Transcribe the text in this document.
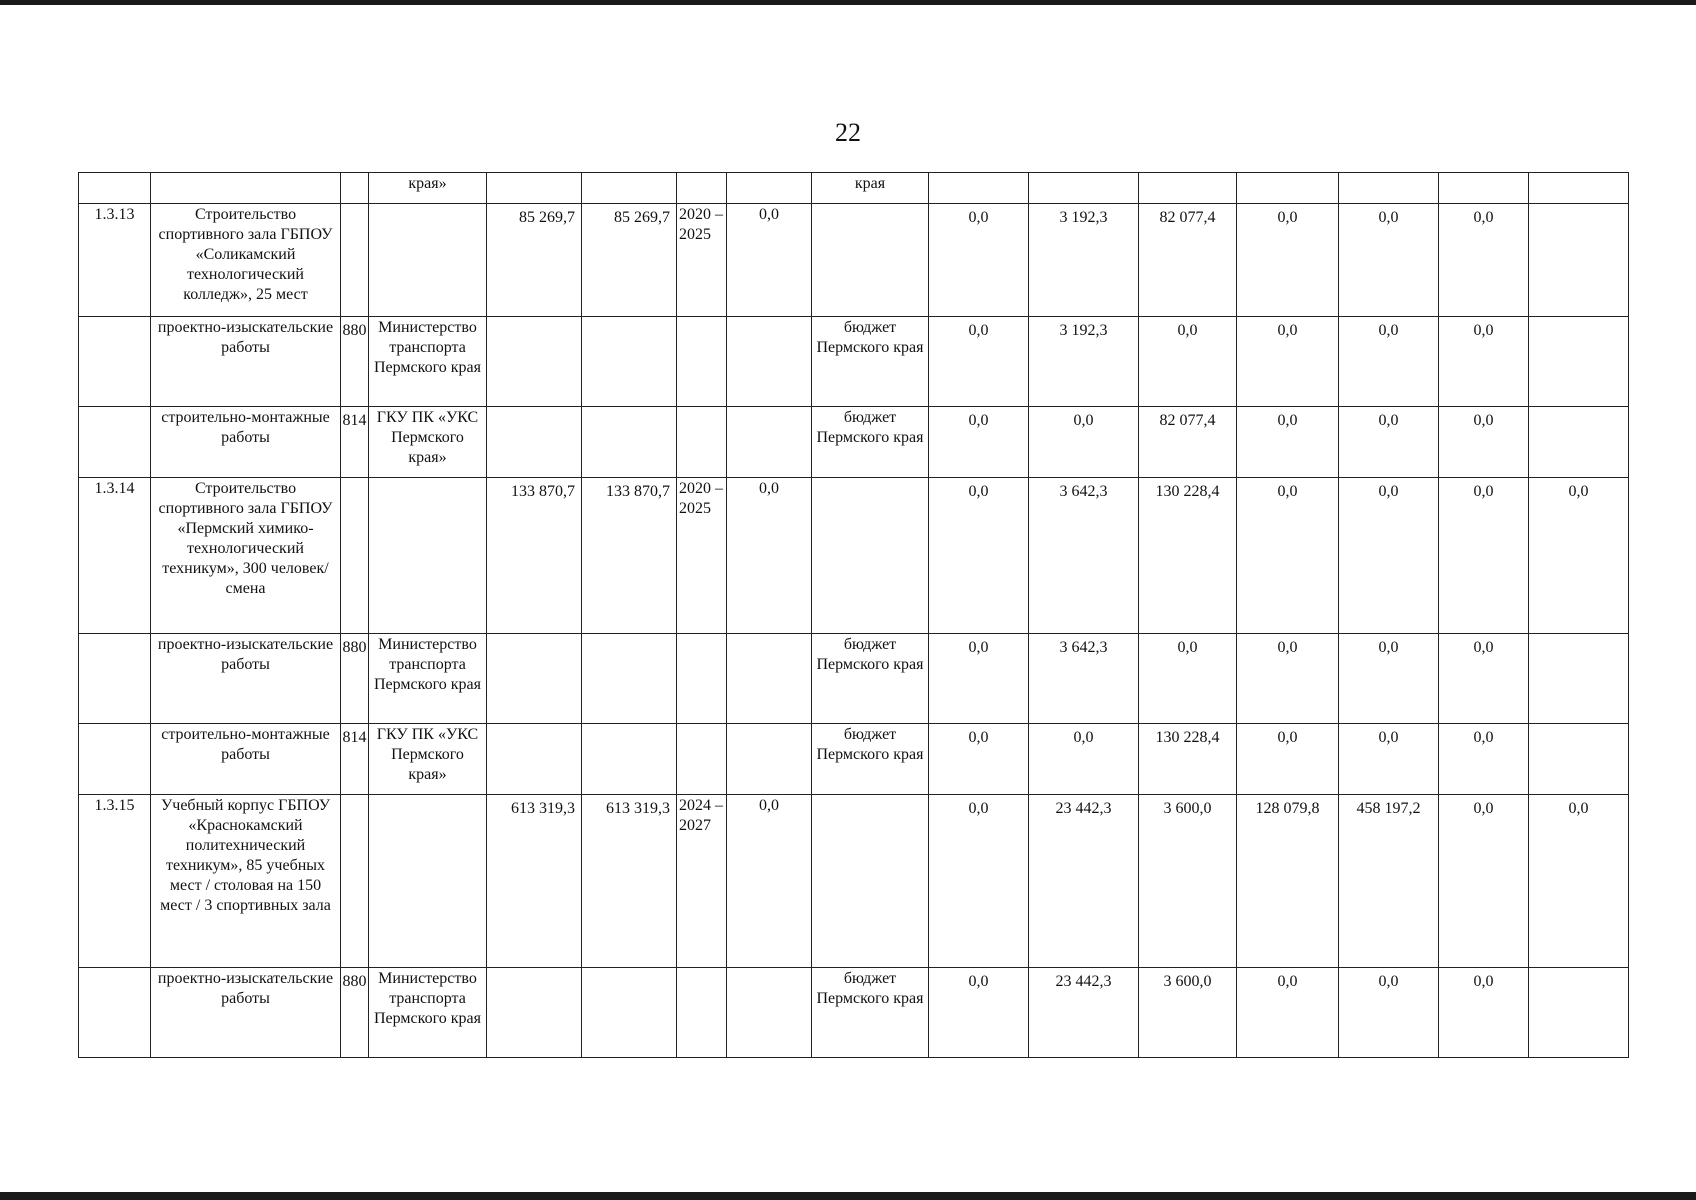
22
			края»					края							
1.3.13	Строительство спортивного зала ГБПОУ «Соликамский технологический колледж», 25 мест			85 269,7	85 269,7	2020 – 2025	0,0		0,0	3 192,3	82 077,4	0,0	0,0	0,0	
	проектно-изыскательские работы	880	Министерство транспорта Пермского края					бюджет Пермского края	0,0	3 192,3	0,0	0,0	0,0	0,0	
	строительно-монтажные работы	814	ГКУ ПК «УКС Пермского края»					бюджет Пермского края	0,0	0,0	82 077,4	0,0	0,0	0,0	
1.3.14	Строительство спортивного зала ГБПОУ «Пермский химико-технологический техникум», 300 человек/смена			133 870,7	133 870,7	2020 – 2025	0,0		0,0	3 642,3	130 228,4	0,0	0,0	0,0	0,0
	проектно-изыскательские работы	880	Министерство транспорта Пермского края					бюджет Пермского края	0,0	3 642,3	0,0	0,0	0,0	0,0	
	строительно-монтажные работы	814	ГКУ ПК «УКС Пермского края»					бюджет Пермского края	0,0	0,0	130 228,4	0,0	0,0	0,0	
1.3.15	Учебный корпус ГБПОУ «Краснокамский политехнический техникум», 85 учебных мест / столовая на 150 мест / 3 спортивных зала			613 319,3	613 319,3	2024 – 2027	0,0		0,0	23 442,3	3 600,0	128 079,8	458 197,2	0,0	0,0
	проектно-изыскательские работы	880	Министерство транспорта Пермского края					бюджет Пермского края	0,0	23 442,3	3 600,0	0,0	0,0	0,0	
